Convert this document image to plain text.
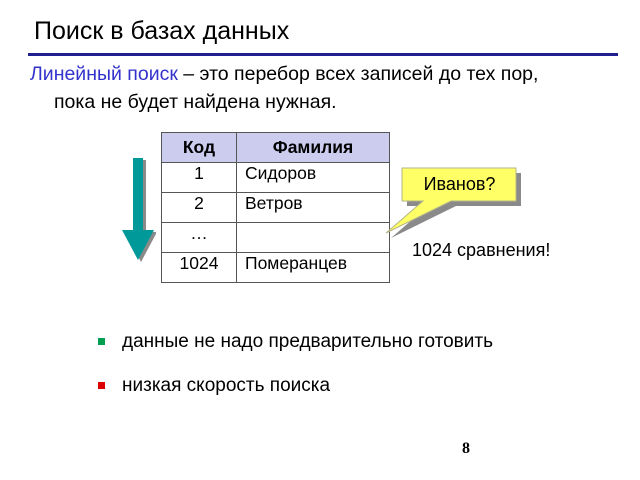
Поиск в базах данных
Линейный поиск – это перебор всех записей до тех пор,
пока не будет найдена нужная.
Код	Фамилия
1	Сидоров
2	Ветров
…	
1024	Померанцев
Иванов?
1024 сравнения!
данные не надо предварительно готовить
низкая скорость поиска
8
